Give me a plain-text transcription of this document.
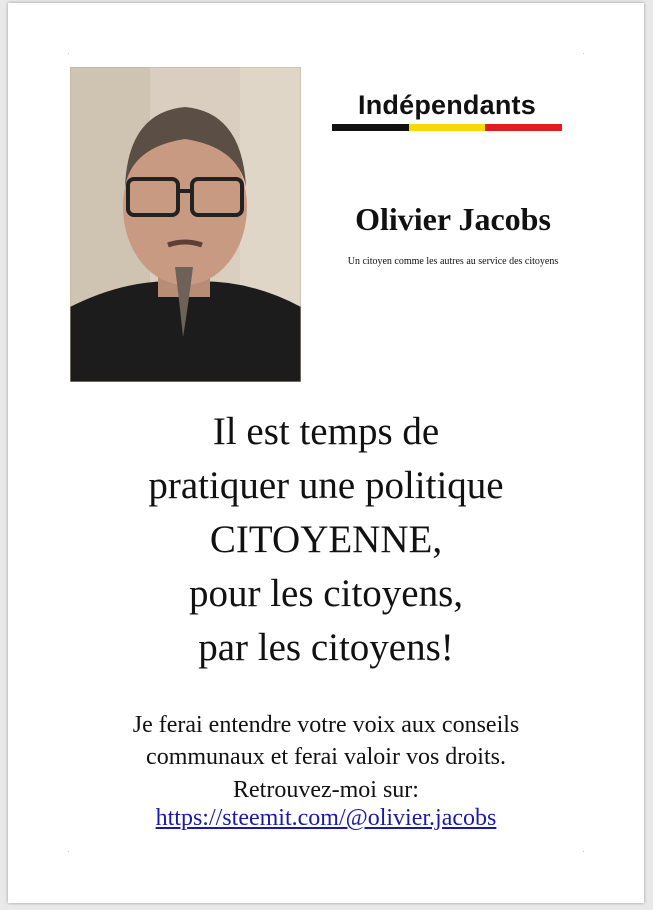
Indépendants
Olivier Jacobs
Un citoyen comme les autres au service des citoyens
Il est temps de
pratiquer une politique
CITOYENNE,
pour les citoyens,
par les citoyens!
Je ferai entendre votre voix aux conseils
communaux et ferai valoir vos droits.
Retrouvez-moi sur:
https://steemit.com/@olivier.jacobs
